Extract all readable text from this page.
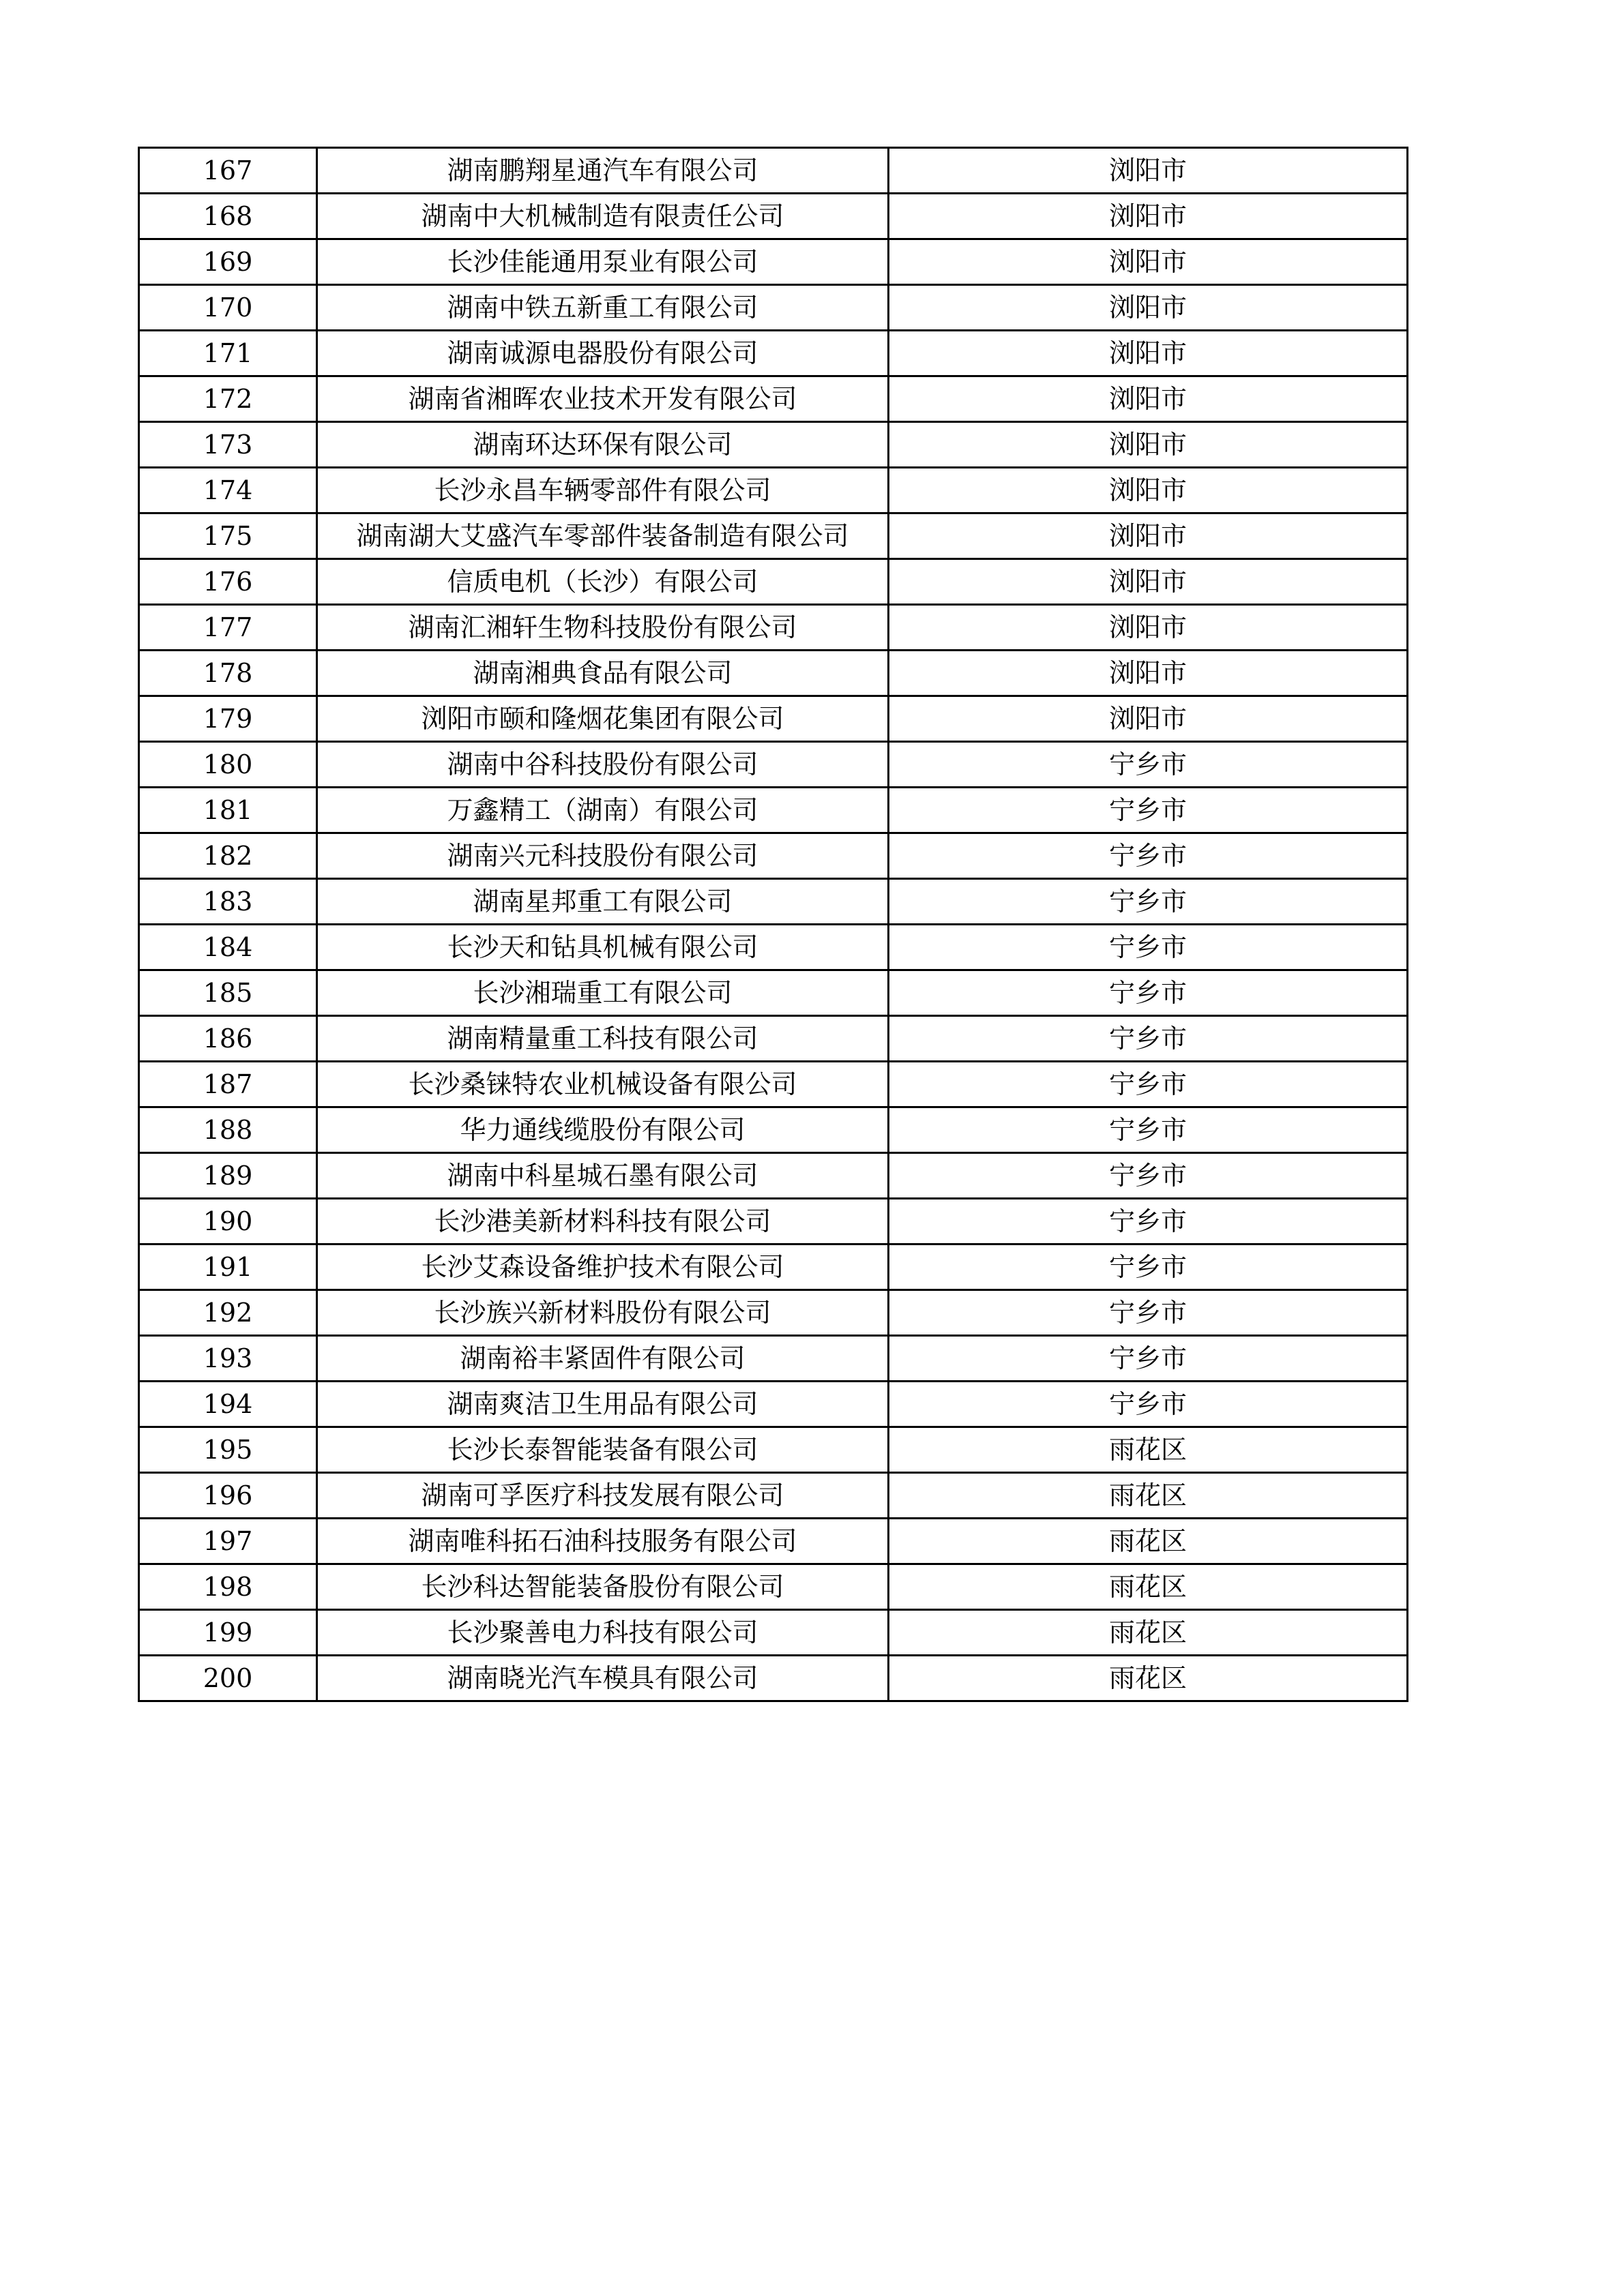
167	湖南鹏翔星通汽车有限公司	浏阳市
168	湖南中大机械制造有限责任公司	浏阳市
169	长沙佳能通用泵业有限公司	浏阳市
170	湖南中铁五新重工有限公司	浏阳市
171	湖南诚源电器股份有限公司	浏阳市
172	湖南省湘晖农业技术开发有限公司	浏阳市
173	湖南环达环保有限公司	浏阳市
174	长沙永昌车辆零部件有限公司	浏阳市
175	湖南湖大艾盛汽车零部件装备制造有限公司	浏阳市
176	信质电机（长沙）有限公司	浏阳市
177	湖南汇湘轩生物科技股份有限公司	浏阳市
178	湖南湘典食品有限公司	浏阳市
179	浏阳市颐和隆烟花集团有限公司	浏阳市
180	湖南中谷科技股份有限公司	宁乡市
181	万鑫精工（湖南）有限公司	宁乡市
182	湖南兴元科技股份有限公司	宁乡市
183	湖南星邦重工有限公司	宁乡市
184	长沙天和钻具机械有限公司	宁乡市
185	长沙湘瑞重工有限公司	宁乡市
186	湖南精量重工科技有限公司	宁乡市
187	长沙桑铼特农业机械设备有限公司	宁乡市
188	华力通线缆股份有限公司	宁乡市
189	湖南中科星城石墨有限公司	宁乡市
190	长沙港美新材料科技有限公司	宁乡市
191	长沙艾森设备维护技术有限公司	宁乡市
192	长沙族兴新材料股份有限公司	宁乡市
193	湖南裕丰紧固件有限公司	宁乡市
194	湖南爽洁卫生用品有限公司	宁乡市
195	长沙长泰智能装备有限公司	雨花区
196	湖南可孚医疗科技发展有限公司	雨花区
197	湖南唯科拓石油科技服务有限公司	雨花区
198	长沙科达智能装备股份有限公司	雨花区
199	长沙聚善电力科技有限公司	雨花区
200	湖南晓光汽车模具有限公司	雨花区
